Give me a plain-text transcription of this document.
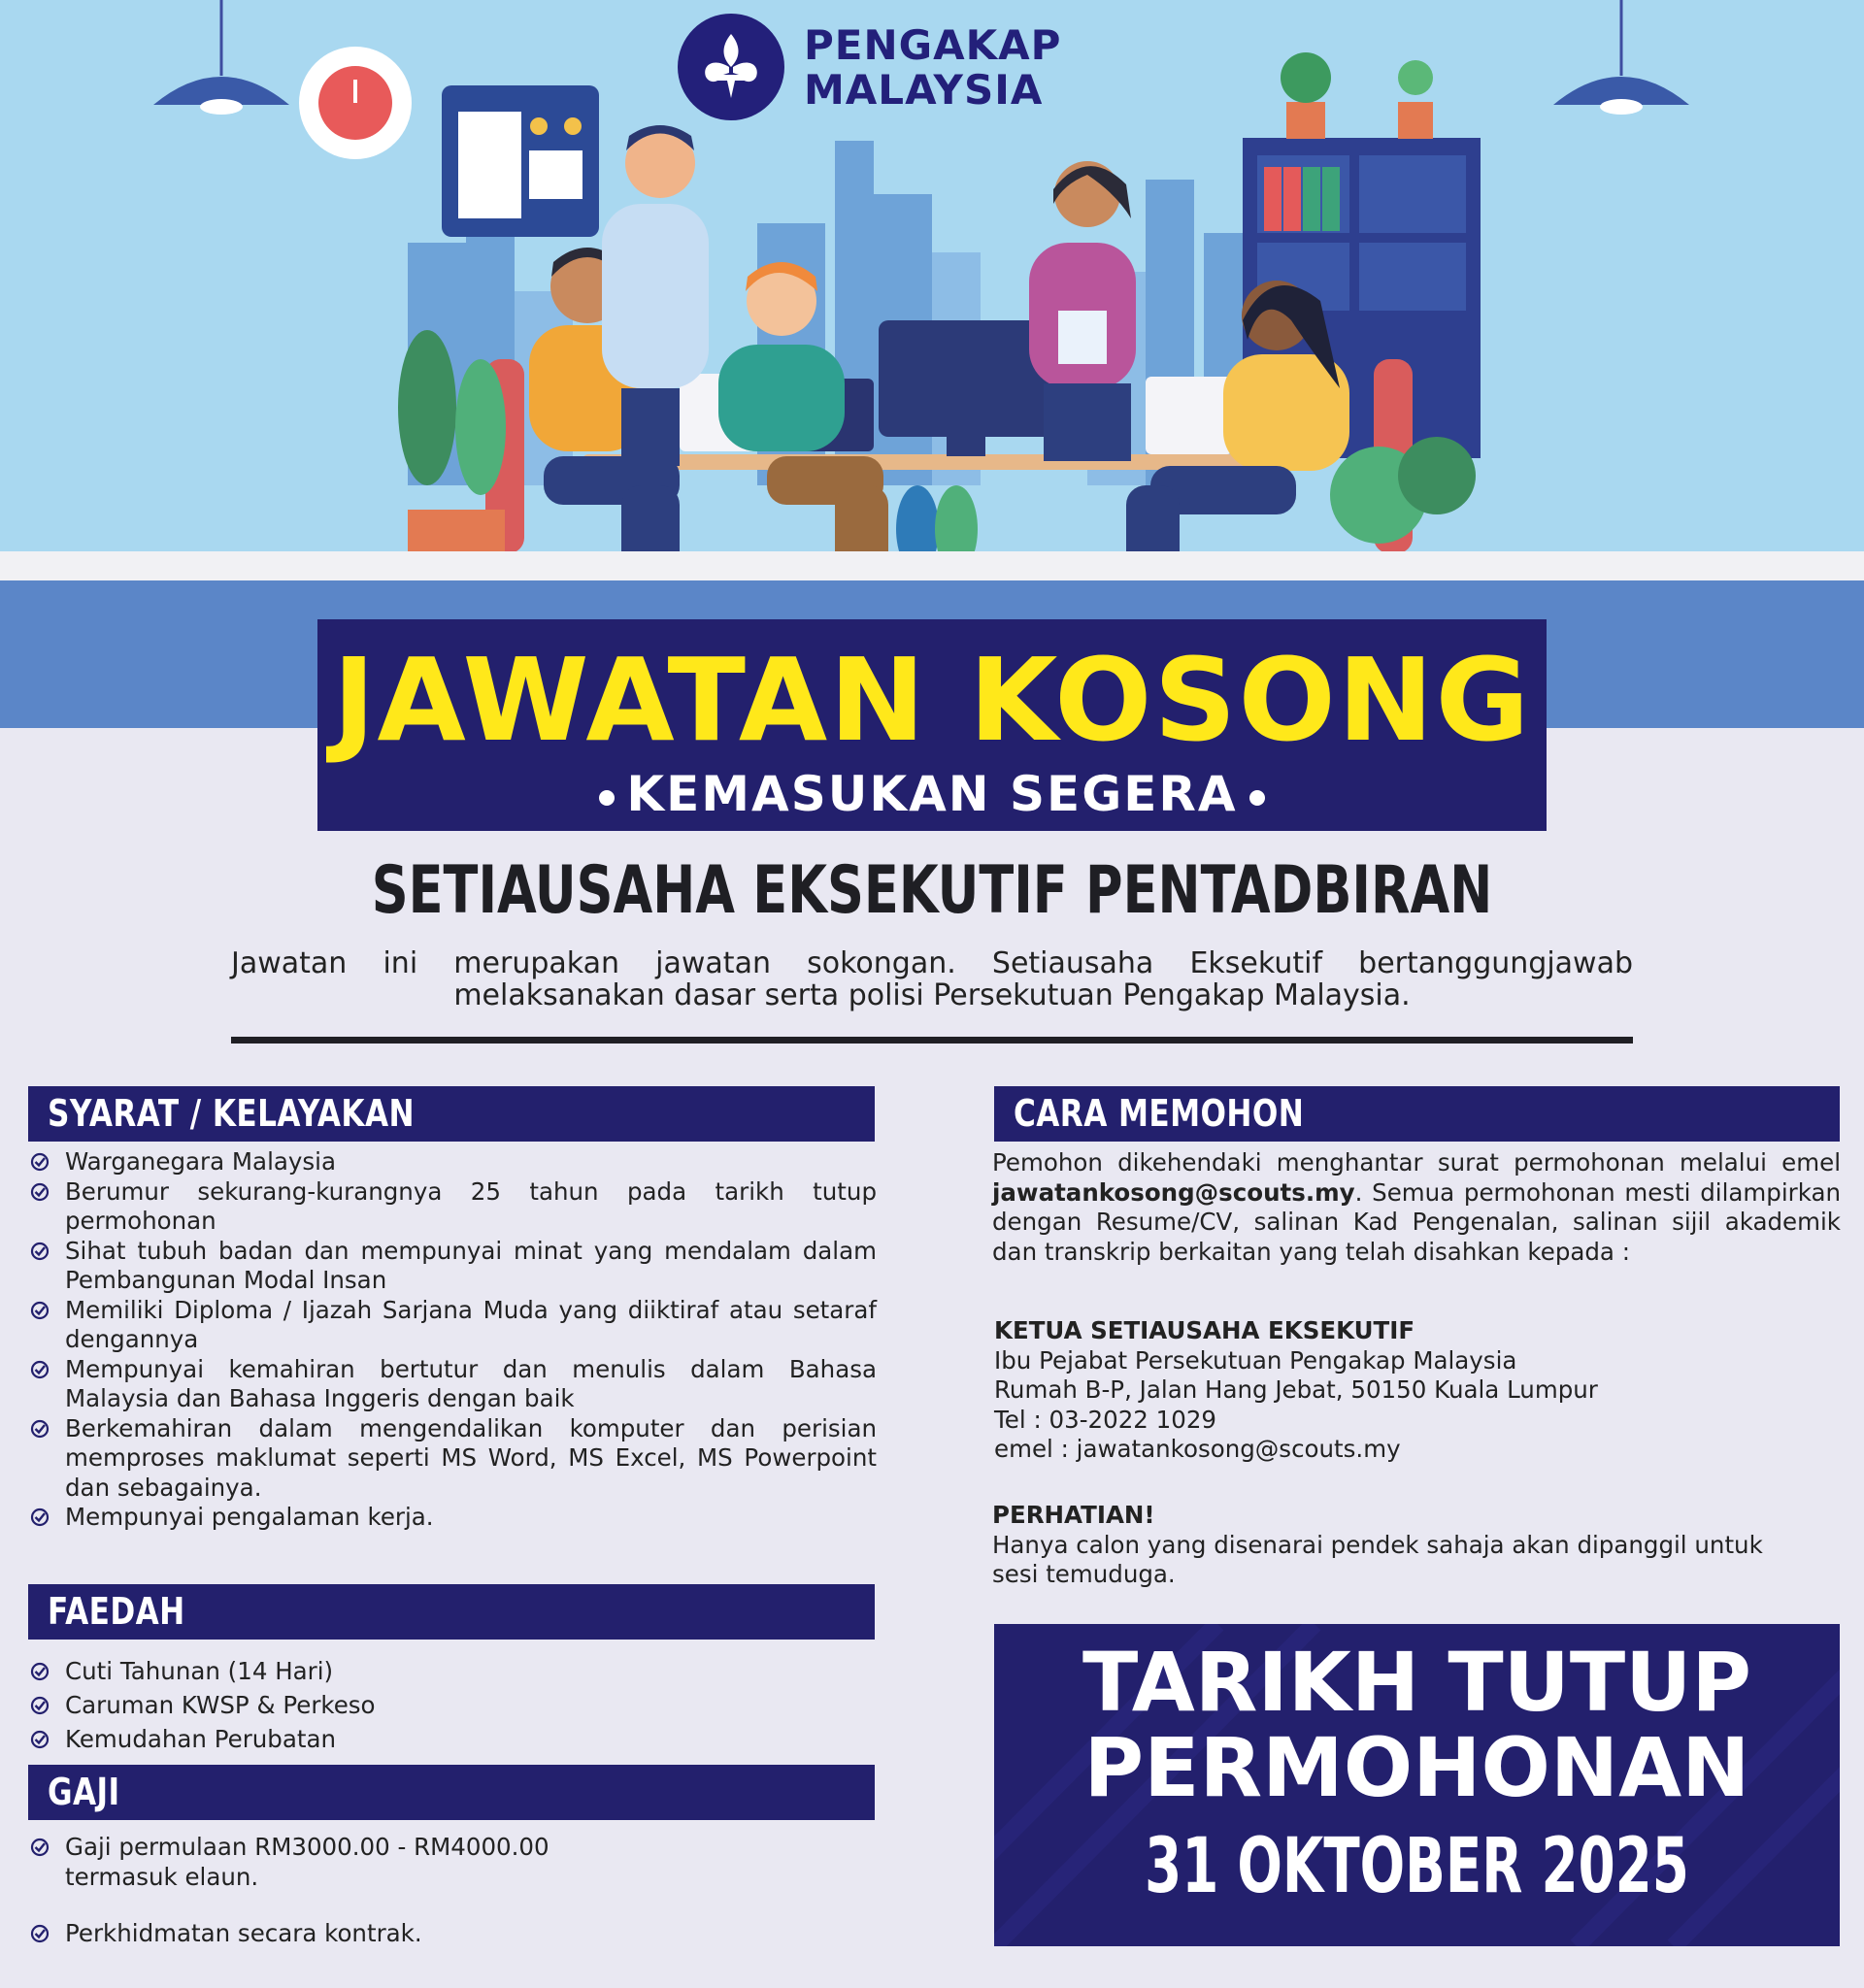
PENGAKAP
MALAYSIA
JAWATAN KOSONG
KEMASUKAN SEGERA
SETIAUSAHA EKSEKUTIF PENTADBIRAN
Jawatan ini merupakan jawatan sokongan. Setiausaha Eksekutif bertanggungjawab melaksanakan dasar serta polisi Persekutuan Pengakap Malaysia.
SYARAT / KELAYAKAN
Warganegara Malaysia
Berumur sekurang-kurangnya 25 tahun pada tarikh tutup permohonan
Sihat tubuh badan dan mempunyai minat yang mendalam dalam Pembangunan Modal Insan
Memiliki Diploma / Ijazah Sarjana Muda yang diiktiraf atau setaraf dengannya
Mempunyai kemahiran bertutur dan menulis dalam Bahasa Malaysia dan Bahasa Inggeris dengan baik
Berkemahiran dalam mengendalikan komputer dan perisian memproses maklumat seperti MS Word, MS Excel, MS Powerpoint dan sebagainya.
Mempunyai pengalaman kerja.
FAEDAH
Cuti Tahunan (14 Hari)
Caruman KWSP & Perkeso
Kemudahan Perubatan
GAJI
Gaji permulaan RM3000.00 - RM4000.00 termasuk elaun.
Perkhidmatan secara kontrak.
CARA MEMOHON
Pemohon dikehendaki menghantar surat permohonan melalui emel jawatankosong@scouts.my. Semua permohonan mesti dilampirkan dengan Resume/CV, salinan Kad Pengenalan, salinan sijil akademik dan transkrip berkaitan yang telah disahkan kepada :
KETUA SETIAUSAHA EKSEKUTIF
Ibu Pejabat Persekutuan Pengakap Malaysia
Rumah B-P, Jalan Hang Jebat, 50150 Kuala Lumpur
Tel : 03-2022 1029
emel : jawatankosong@scouts.my
PERHATIAN!
Hanya calon yang disenarai pendek sahaja akan dipanggil untuk sesi temuduga.
TARIKH TUTUP
PERMOHONAN
31 OKTOBER 2025
